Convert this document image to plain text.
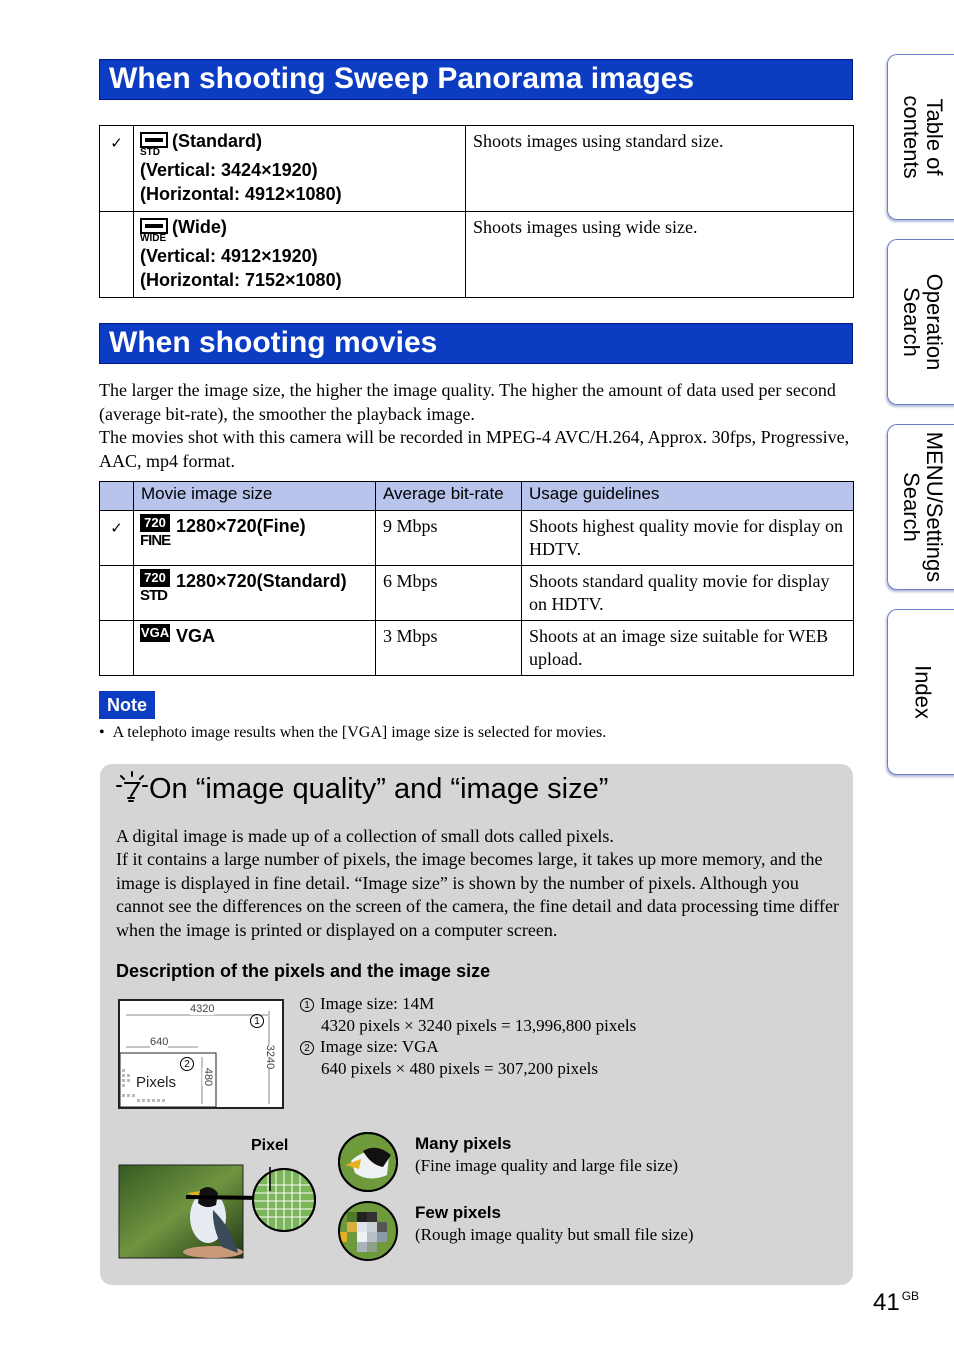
When shooting Sweep Panorama images
✓	STD
(Standard)
(Vertical: 3424×1920)
(Horizontal: 4912×1080)	Shoots images using standard size.

	WIDE
(Wide)
(Vertical: 4912×1920)
(Horizontal: 7152×1080)	Shoots images using wide size.
When shooting movies
The larger the image size, the higher the image quality. The higher the amount of data used per second (average bit-rate), the smoother the playback image.
The movies shot with this camera will be recorded in MPEG-4 AVC/H.264, Approx. 30fps, Progressive, AAC, mp4 format.
	Movie image size	Average bit-rate	Usage guidelines
✓	720
FINE
1280×720(Fine)	9 Mbps	Shoots highest quality movie for display on HDTV.

	720
STD
1280×720(Standard)	6 Mbps	Shoots standard quality movie for display on HDTV.

	VGA VGA	3 Mbps	Shoots at an image size suitable for WEB upload.
Note
•  A telephoto image results when the [VGA] image size is selected for movies.
On “image quality” and “image size”
A digital image is made up of a collection of small dots called pixels.
If it contains a large number of pixels, the image becomes large, it takes up more memory, and the image is displayed in fine detail. “Image size” is shown by the number of pixels. Although you cannot see the differences on the screen of the camera, the fine detail and data processing time differ when the image is printed or displayed on a computer screen.
Description of the pixels and the image size
4320
3240
640
480
1
2
Pixels
1 Image size: 14M
4320 pixels × 3240 pixels = 13,996,800 pixels
2 Image size: VGA
640 pixels × 480 pixels = 307,200 pixels
Pixel	Many pixels
(Fine image quality and large file size)
Few pixels
(Rough image quality but small file size)
Table of
contents
Operation
Search
MENU/Settings
Search
Index
41 $^{GB}$
